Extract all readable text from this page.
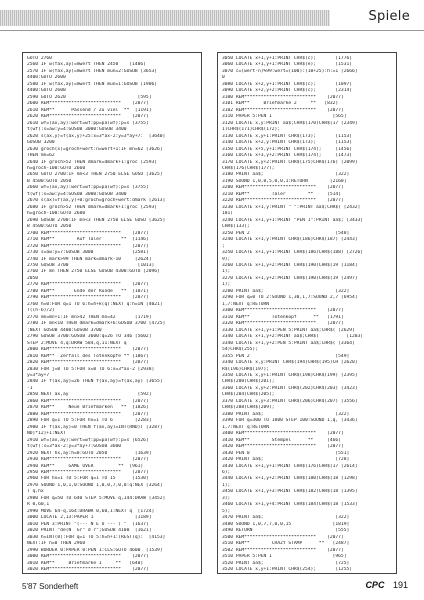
Spiele
GOTO 2760
2560 IF w(fax,ay)=mwert THEN 2450    [1486]
2570 IF w(fax,ay)=mwert THEN mun=2:GOSUB [3653]
4400:GOTO 2600
2580 IF w(fax,ay)=mwert THEN mun=1:GOSUB [1906]
4400:GOTO 2600
2590 GOTO 2620                          [595]
2600 REM**************************    [2077]
2610 REM**      Passend / Zu viel  **  [1191]
2620 REM**************************    [2077]
2610 wf=(ax,ay):wert=wf:pp=pa(wf):p=s [3755]
t(wf):s=aw:y=4:GOSUB 3000:GOSUB 3400
2620 s(ax,y)=f(ax,y)+25:x=3*ax-2:y=3*ay+7:  [3640]
GOSUB 3200
2630 groch(x)=groch+wert:n=wert+1:IF mn=62 [3626]
THEN mn=62
2640 IF groch>52 THEN dmark=dmark+1:groc [2593]
h=groch-100:GOTO 2660
2650 GOTO 2700:IF mn<3 THEN 2750 ELSE GOSU [3625]
B 4500:GOTO 2050
2660 wf=(ax,ay):wert=wf:pp=pa(wf):p=s [3755]
t(wf):s=aw:y=4:GOSUB 3000:GOSUB 3400
2670 s(ax)=f(ax,y)+0:groch=groch+wert:dmark [2613]
2680 IF groch>52 THEN dmark=dmark+1:groc [2593]
h=groch-100:GOTO 2680
2690 GOSUB 2700:IF mn<3 THEN 2750 ELSE GOSU [3625]
B 4500:GOTO 2050
2700 REM**************************    [2077]
2710 REM**        Auf Taler       **  [1146]
2720 REM**************************    [2077]
2730 s=aw:y=7:GOSUB 3000              [2581]
2740 IF mark>99 THEN mark=dmark-10     [2624]
2750 GOSUB 3700                         [1013]
2760 IF mn THEN 2750 ELSE GOSUB 4300:GOTO [2096]
2050
2770 REM**************************    [2077]
2780 REM**       Ende der Runde   **  [1071]
2790 REM**************************    [2077]
2760 h=0:FOR q=1 TO 6:h=h+k(q):NEXT q:h=IN [4021]
T((h-6)/2)
2770 mn=mn+1:IF mn>42 THEN mn=42       [1719]
2780 IF mn<10 THEN dmark=dmark+6:GOSUB 3700 [4725]
:NEXT GOSUB 4400:GOSUB 3700
2790 GOSUB 3700:GOSUB 3600:q=26 TO 346 [5602]
STEP 2:MOVE 4,q:DRAW 584,q,11:NEXT q
2800 REM**************************    [2077]
2810 REM**  Zerfall des Totenkopfe ** [1867]
2820 REM**************************    [2077]
2830 FOR j=0 TO 5:FOR x=0 TO 6:x=3*ax-2 [2938]
y=3*ay+7
2840 IF f(ax,ay)=26 THEN f(ax,ay)=f(ax,ay) [3655]
-1
2850 NEXT ax,ay                         [592]
2860 REM**************************    [2077]
2870 REM**     Neue Briefmarken   **  [1826]
2880 REM**************************    [2077]
2890 FOR q=1 TO 5:FOR hx=1 TO 6        [2283]
2900 IF f(ax,ay)=0 THEN f(ax,ay)=INT(RND)T [3287]
ND)*12)+1:NEXT
2910 wf=(ax,ay):wert=wf:pp=pa(wf):p=s [6526]
t(wf):s=3*ax-2:y=3*ay+7:GOSUB 3600
2920 NEXT hx,ay:h=0:GOTO 2050          [1639]
2930 REM**************************    [2077]
2940 REM**     GAME OVER         **  [961]
2950 REM**************************    [2077]
2960 FOR hx=1 TO 5:FOR q=1 TO 15      [1530]
2970 SOUND 1,0,1,0:SOUND 1,0,0,7,0,0:q:NEX [3264]
T q,hx
2980 FOR q=50 TO 640 STEP 5:MOVE q,144:DRAW [3452]
R 0,60,1
2990 MOVE 64-q,164:DRAWR 0,60,1:NEXT q  [1724]
3000 LOCATE 2,13:PAPER 1               [1189]
3010 PEN 3:PRINT "(--- N E U --- ) "  [1637]
3020 PRINT "de(N  Gr" d r";GOSUB 4100  [1621]
3030 h=INT(0):FOR q=1 TO 5:h=h+1:(REST(q):  [4153]
NEXT:IF h=0 THEN 2960
2990 BORDER 0:PAPER 0:PEN 1:CLS:GOTO 4600  [1539]
3000 REM**************************    [2077]
3010 REM**     Briefmarke 1     **   [640]
3020 REM**************************    [2077]
3050 LOCATE x+1,y+1:PRINT CHR$(c);       [1776]
3060 LOCATE x+1,y+1:PRINT CHR$(e);       [1531]
3070 c=(wert-n)%99:wert=(100):(10+25):h:=1 [2666]
0
3080 LOCATE x+2,y+1:PRINT CHR$(c);       [1097]
3090 LOCATE x+2,y+2:PRINT CHR$(c);       [2314]
3100 REM**************************    [2077]
3101 REM**     Briefmarke 2     **   [832]
3102 REM**************************    [2077]
3110 PAPER 5:PEN 1                      [565]
3120 LOCATE x,y:PRINT aa$;CHR$(170)CHR$(17 [2349]
1)CHR$(171)CHR$(172);
3130 LOCATE x,y+1:PRINT CHR$(173);       [1153]
3140 LOCATE x+2,y:PRINT CHR$(173);       [1153]
3150 LOCATE x+5,y+1:PRINT CHR$(174);     [1456]
3160 LOCATE x+3,y+2:PRINT CHR$(174);     [1473]
3170 LOCATE x,y+2:PRINT CHR$(175)CHR$(176) [2099]
CHR$(176)CHR$(177);
3180 PRINT aa$;                          [322]
3190 SOUND 1,0,0,5,0,0,1:RETURN        [2160]
3200 REM**************************    [2077]
3210 REM**        Taler        **     [514]
3220 REM**************************    [2077]
3230 LOCATE x+1,y:PRINT " ":PRINT aa$;CHR$( [2432]
181)
3240 LOCATE x+1,y+1:PRINT "PEN 1":PRINT aa$; [3433]
CHR$(133);
3250 PEN 2                               [548]
3240 LOCATE x+1,y:PRINT CHR$(186)CHR$(187) [2443]
;
3250 LOCATE x+1,y+1:PRINT CHR$(186)CHR$(188) [2726]
9);
3260 LOCATE x+1,y+2:PRINT CHR$(190)CHR$(19 [1184]
1);
3270 LOCATE x+1,y+2:PRINT CHR$(190)CHR$(19 [2497]
1);
3280 PRINT aa$;                          [322]
3290 FOR q=0 TO 2:SOUND 1,30,1,7:SOUND 2,7 [6954]
1,7:NEXT q:RETURN
3300 REM**************************    [2077]
3310 REM**        Totenkopf      **   [1791]
3320 REM**************************    [2077]
3330 LOCATE x+1,y+1:PEN 5:PRINT aa$;CHR$( [2629]
3340 LOCATE x+1,y+2:PRINT aa$;CHR$(          [1283]
3340 LOCATE x+1,y+2:PEN 5:PRINT aa$;CHR$( [3364]
54)CHR$(255);
3355 PEN 2                               [549]
3340 LOCATE x,y:PRINT CHR$(194)CHR$(195)CH [2620]
R$(196)CHR$(197);
3350 LOCATE x,y+1:PRINT CHR$(198)CHR$(199) [2395]
CHR$(200)CHR$(201);
3360 LOCATE x,y+2:PRINT CHR$(202)CHR$(203) [3423]
CHR$(204)CHR$(205);
3370 LOCATE x,y+3:PRINT CHR$(206)CHR$(207) [3556]
CHR$(208)CHR$(209);
3380 PRINT aa$;                          [322]
3390 FOR q=300 TO 1800 STEP 100:SOUND 1,q, [3436]
1,7:NEXT q:RETURN
3400 REM**************************    [2077]
3410 REM**        Stempel      **     [466]
3420 REM**************************    [2077]
3430 PEN 0                               [551]
3420 PRINT aa$;                          [728]
3430 LOCATE x+1,y+1:PRINT CHR$(176)CHR$(17 [2614]
6);
3440 LOCATE x+1,y+2:PRINT CHR$(180)CHR$(18 [1298]
1);
3450 LOCATE x+1,y+3:PRINT CHR$(182)CHR$(18 [1395]
3);
3460 LOCATE x+1,y+4:PRINT CHR$(184)CHR$(18 [1533]
5);
3470 PRINT aa$;                          [322]
3480 SOUND 1,0,7,7,0,0,15               [1819]
3490 RETURN                              [555]
3500 REM**************************    [2077]
3510 REM**        CRAZY STAMP      **   [2487]
3502 REM**************************    [2077]
3510 PAPER 5:PEN 1                      [965]
3520 PRINT aa$;                          [725]
3520 LOCATE x,y+1:PRINT CHR$(254);       [1255]
5'87 Sonderheft	CPC 191
